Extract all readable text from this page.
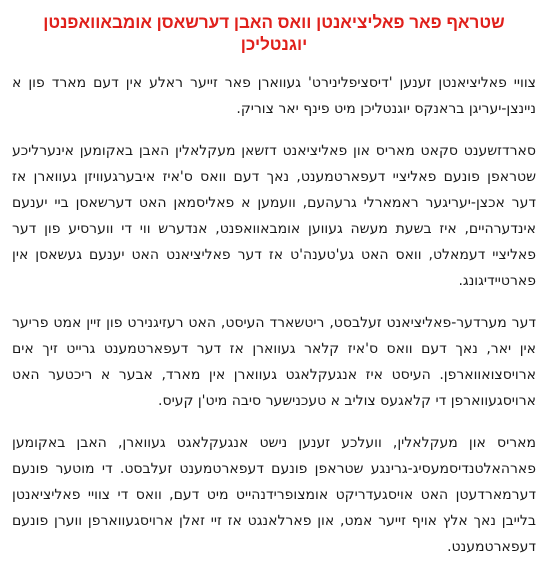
שטראף פאר פאליציאנטן וואס האבן דערשאסן אומבאוואפנטן יוגנטליכן

צוויי פאליציאנטן זענען 'דיסציפלינירט' געווארן פאר זייער ראלע אין דעם מארד פון א ניינצן-יעריגן בראנקס יוגנטליכן מיט פינף יאר צוריק.

סארדזשענט סקאט מאריס און פאליציאנט דזשאן מעקלאלין האבן באקומען אינערליכע שטראפן פונעם פאליציי דעפארטמענט, נאך דעם וואס ס'איז איבערגעוויזן געווארן אז דער אכצן-יעריגער ראמארלי גרעהעם, וועמען א פאליסמאן האט דערשאסן ביי יענעם אינדערהיים, איז בשעת מעשה געווען אומבאוואפנט, אנדערש ווי די ווערסיע פון דער פאליציי דעמאלט, וואס האט גע'טענה'ט אז דער פאליציאנט האט יענעם געשאסן אין פארטיידיגונג.

דער מערדער-פאליציאנט זעלבסט, ריטשארד העיסט, האט רעזיגנירט פון זיין אמט פריער אין יאר, נאך דעם וואס ס'איז קלאר געווארן אז דער דעפארטמענט גרייט זיך אים ארויסצואווארפן. העיסט איז אנגעקלאגט געווארן אין מארד, אבער א ריכטער האט ארויסגעווארפן די קלאגעס צוליב א טעכנישער סיבה מיט'ן קעיס.

מאריס און מעקלאלין, וועלכע זענען נישט אנגעקלאגט געווארן, האבן באקומען פארהאלטנדיסמעסיג-גרינגע שטראפן פונעם דעפארטמענט זעלבסט. די מוטער פונעם דערמארדעטן האט אויסגעדריקט אומצופרידנהייט מיט דעם, וואס די צוויי פאליציאנטן בלייבן נאך אלץ אויף זייער אמט, און פארלאנגט אז זיי זאלן ארויסגעווארפן ווערן פונעם דעפארטמענט.
